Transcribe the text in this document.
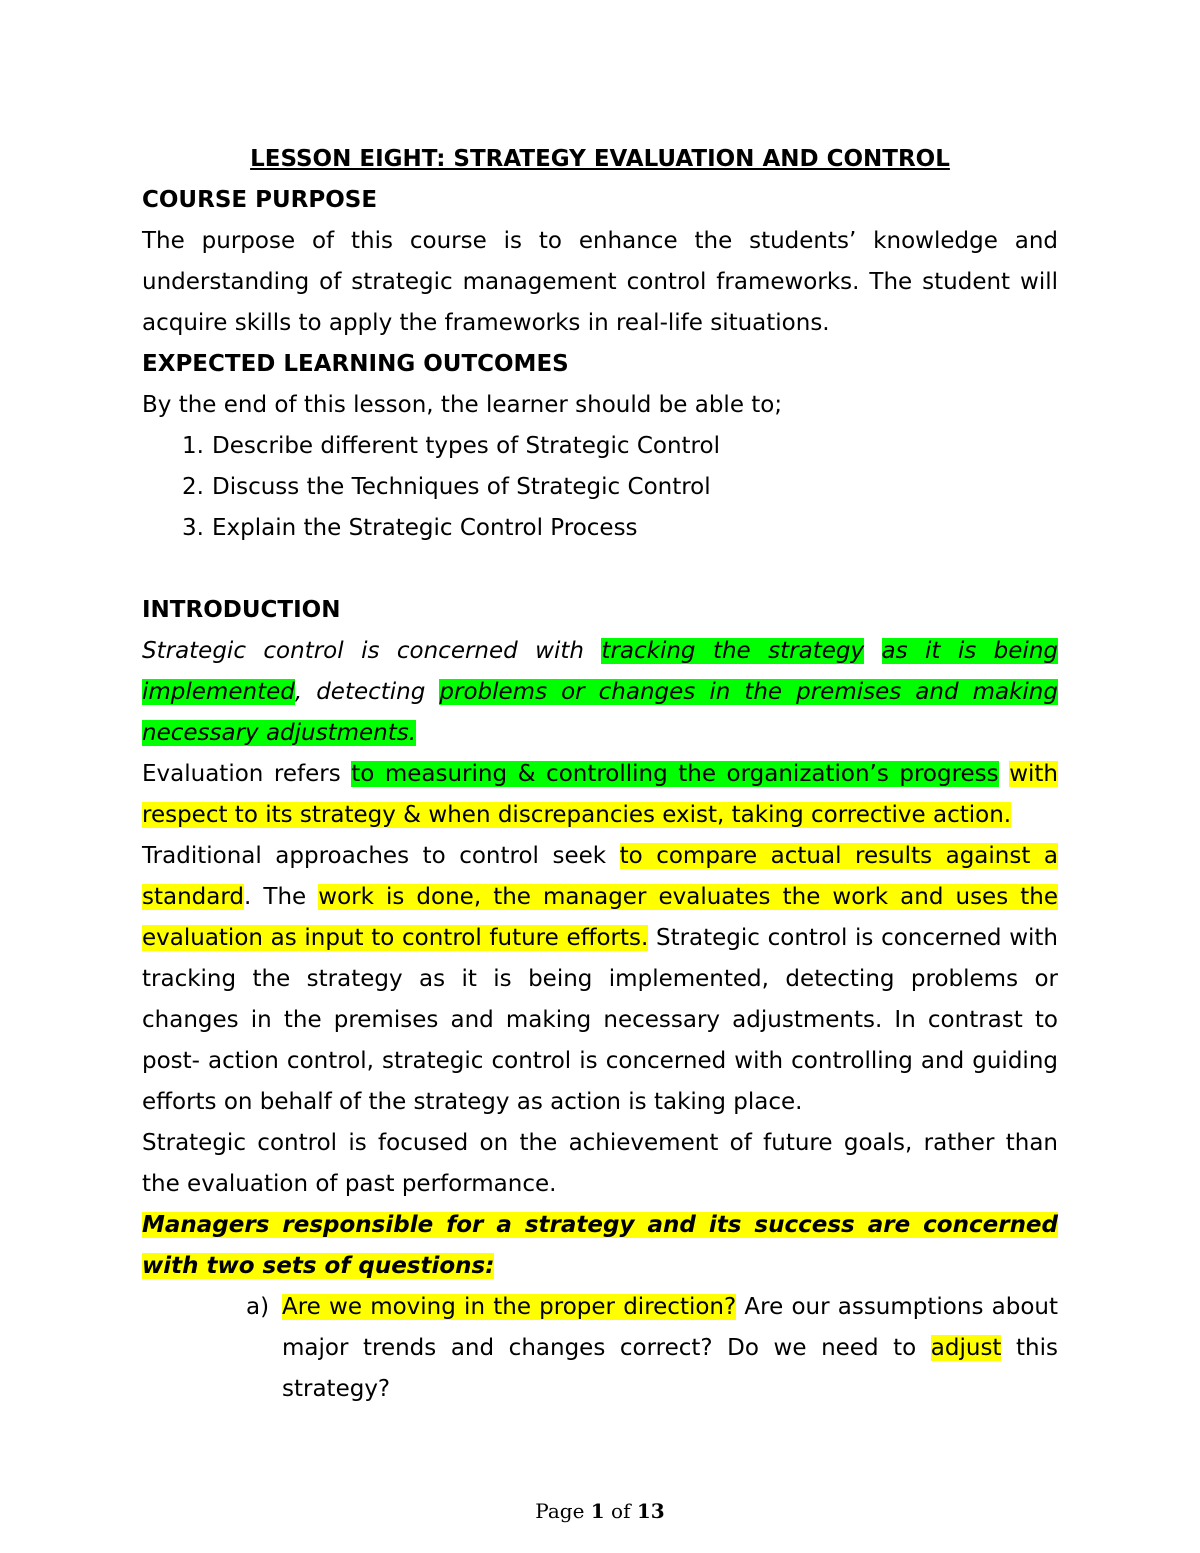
LESSON EIGHT: STRATEGY EVALUATION AND CONTROL

COURSE PURPOSE

The purpose of this course is to enhance the students’ knowledge and understanding of strategic management control frameworks. The student will acquire skills to apply the frameworks in real-life situations.

EXPECTED LEARNING OUTCOMES

By the end of this lesson, the learner should be able to;

1. Describe different types of Strategic Control
2. Discuss the Techniques of Strategic Control
3. Explain the Strategic Control Process

INTRODUCTION

Strategic control is concerned with tracking the strategy as it is being implemented, detecting problems or changes in the premises and making necessary adjustments.

Evaluation refers to measuring & controlling the organization’s progress with respect to its strategy & when discrepancies exist, taking corrective action.

Traditional approaches to control seek to compare actual results against a standard. The work is done, the manager evaluates the work and uses the evaluation as input to control future efforts. Strategic control is concerned with tracking the strategy as it is being implemented, detecting problems or changes in the premises and making necessary adjustments. In contrast to post- action control, strategic control is concerned with controlling and guiding efforts on behalf of the strategy as action is taking place.

Strategic control is focused on the achievement of future goals, rather than the evaluation of past performance.

Managers responsible for a strategy and its success are concerned with two sets of questions:

a) Are we moving in the proper direction? Are our assumptions about major trends and changes correct? Do we need to adjust this strategy?
Page 1 of 13
